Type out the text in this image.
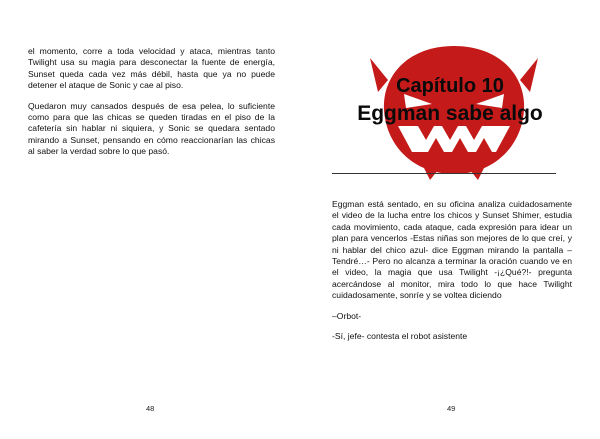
el momento, corre a toda velocidad y ataca, mientras tanto Twilight usa su magia para desconectar la fuente de energía, Sunset queda cada vez más débil, hasta que ya no puede detener el ataque de Sonic y cae al piso.

Quedaron muy cansados después de esa pelea, lo suficiente como para que las chicas se queden tiradas en el piso de la cafetería sin hablar ni siquiera, y Sonic se quedara sentado mirando a Sunset, pensando en cómo reaccionarían las chicas al saber la verdad sobre lo que pasó.

48
Capítulo 10
Eggman sabe algo

Eggman está sentado, en su oficina analiza cuidadosamente el video de la lucha entre los chicos y Sunset Shimer, estudia cada movimiento, cada ataque, cada expresión para idear un plan para vencerlos -Estas niñas son mejores de lo que creí, y ni hablar del chico azul- dice Eggman mirando la pantalla –Tendré…- Pero no alcanza a terminar la oración cuando ve en el video, la magia que usa Twilight -¡¿Qué?!- pregunta acercándose al monitor, mira todo lo que hace Twilight cuidadosamente, sonríe y se voltea diciendo

–Orbot-

-Sí, jefe- contesta el robot asistente

49
